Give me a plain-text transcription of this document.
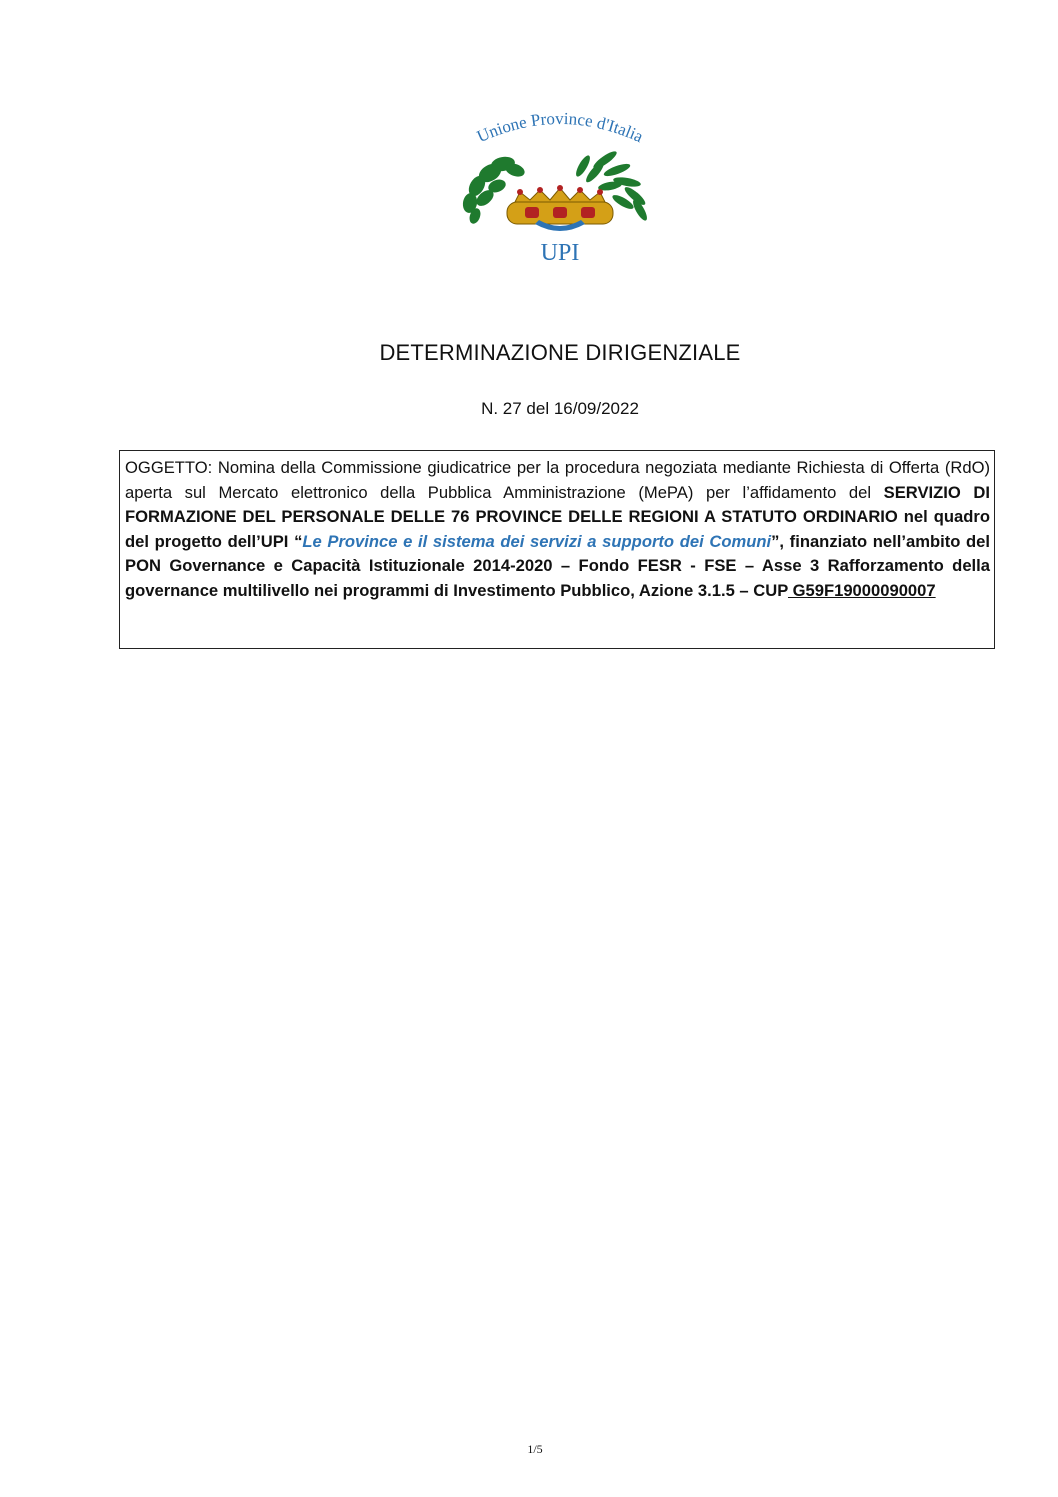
Unione Province d'Italia
UPI
DETERMINAZIONE DIRIGENZIALE
N. 27 del 16/09/2022
OGGETTO: Nomina della Commissione giudicatrice per la procedura negoziata mediante Richiesta di Offerta (RdO) aperta sul Mercato elettronico della Pubblica Amministrazione (MePA) per l’affidamento del SERVIZIO DI FORMAZIONE DEL PERSONALE DELLE 76 PROVINCE DELLE REGIONI A STATUTO ORDINARIO nel quadro del progetto dell’UPI “Le Province e il sistema dei servizi a supporto dei Comuni”, finanziato nell’ambito del PON Governance e Capacità Istituzionale 2014-2020 – Fondo FESR - FSE – Asse 3 Rafforzamento della governance multilivello nei programmi di Investimento Pubblico, Azione 3.1.5 – CUP G59F19000090007
1/5
